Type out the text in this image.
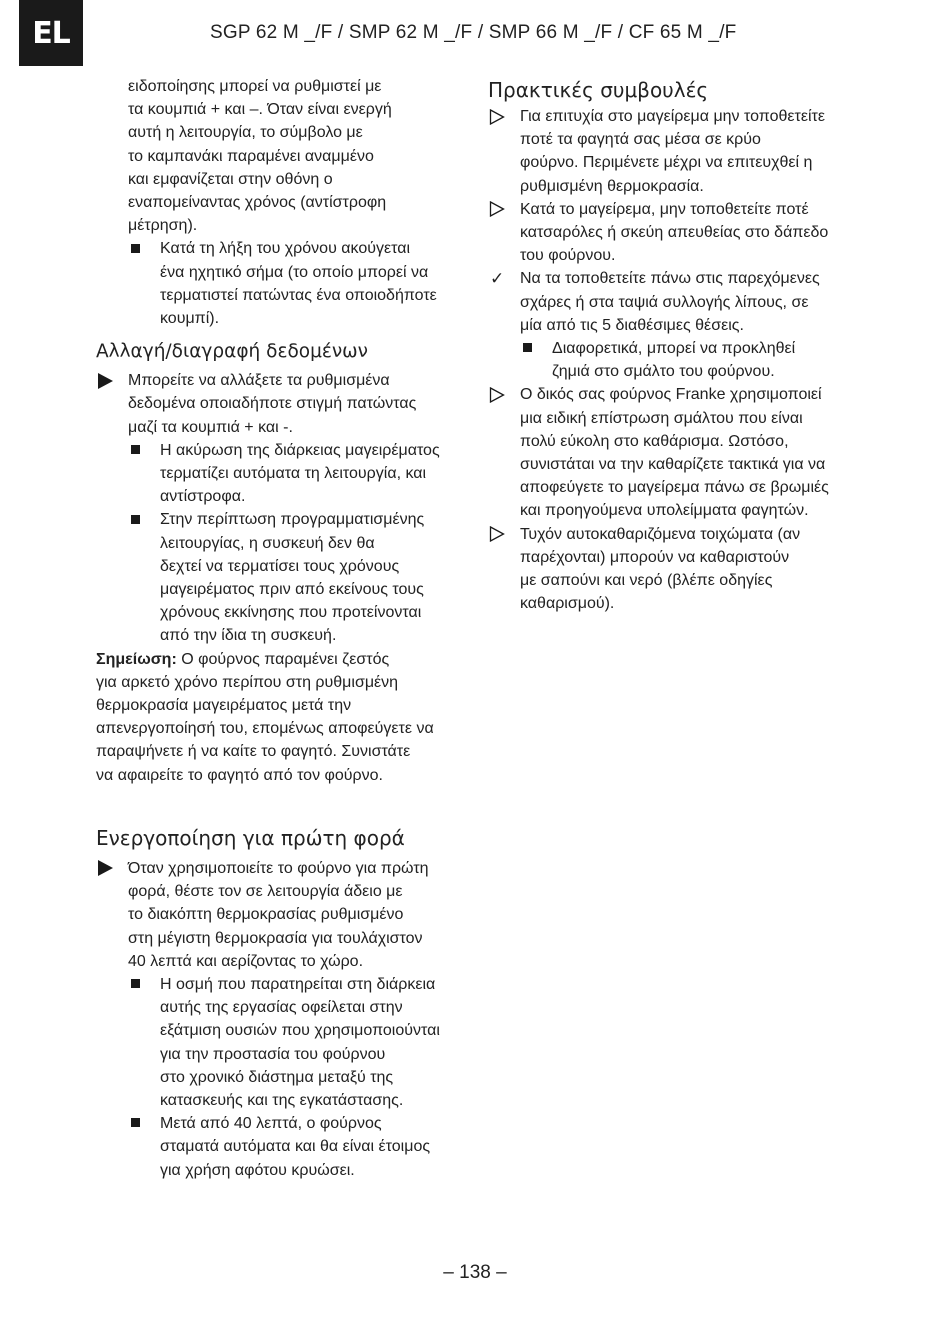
EL	SGP 62 M _/F / SMP 62 M _/F / SMP 66 M _/F / CF 65 M _/F
ειδοποίησης μπορεί να ρυθμιστεί με
τα κουμπιά + και –. Όταν είναι ενεργή
αυτή η λειτουργία, το σύμβολο με
το καμπανάκι παραμένει αναμμένο
και εμφανίζεται στην οθόνη ο
εναπομείναντας χρόνος (αντίστροφη
μέτρηση).
Κατά τη λήξη του χρόνου ακούγεται
ένα ηχητικό σήμα (το οποίο μπορεί να
τερματιστεί πατώντας ένα οποιοδήποτε
κουμπί).
Αλλαγή/διαγραφή δεδομένων
Μπορείτε να αλλάξετε τα ρυθμισμένα
δεδομένα οποιαδήποτε στιγμή πατώντας
μαζί τα κουμπιά + και -.
Η ακύρωση της διάρκειας μαγειρέματος
τερματίζει αυτόματα τη λειτουργία, και
αντίστροφα.
Στην περίπτωση προγραμματισμένης
λειτουργίας, η συσκευή δεν θα
δεχτεί να τερματίσει τους χρόνους
μαγειρέματος πριν από εκείνους τους
χρόνους εκκίνησης που προτείνονται
από την ίδια τη συσκευή.
Σημείωση: Ο φούρνος παραμένει ζεστός
για αρκετό χρόνο περίπου στη ρυθμισμένη
θερμοκρασία μαγειρέματος μετά την
απενεργοποίησή του, επομένως αποφεύγετε να
παραψήνετε ή να καίτε το φαγητό. Συνιστάτε
να αφαιρείτε το φαγητό από τον φούρνο.
Ενεργοποίηση για πρώτη φορά
Όταν χρησιμοποιείτε το φούρνο για πρώτη
φορά, θέστε τον σε λειτουργία άδειο με
το διακόπτη θερμοκρασίας ρυθμισμένο
στη μέγιστη θερμοκρασία για τουλάχιστον
40 λεπτά και αερίζοντας το χώρο.
Η οσμή που παρατηρείται στη διάρκεια
αυτής της εργασίας οφείλεται στην
εξάτμιση ουσιών που χρησιμοποιούνται
για την προστασία του φούρνου
στο χρονικό διάστημα μεταξύ της
κατασκευής και της εγκατάστασης.
Μετά από 40 λεπτά, ο φούρνος
σταματά αυτόματα και θα είναι έτοιμος
για χρήση αφότου κρυώσει.
Πρακτικές συμβουλές
Για επιτυχία στο μαγείρεμα μην τοποθετείτε
ποτέ τα φαγητά σας μέσα σε κρύο
φούρνο. Περιμένετε μέχρι να επιτευχθεί η
ρυθμισμένη θερμοκρασία.
Κατά το μαγείρεμα, μην τοποθετείτε ποτέ
κατσαρόλες ή σκεύη απευθείας στο δάπεδο
του φούρνου.
✓ Να τα τοποθετείτε πάνω στις παρεχόμενες
σχάρες ή στα ταψιά συλλογής λίπους, σε
μία από τις 5 διαθέσιμες θέσεις.
Διαφορετικά, μπορεί να προκληθεί
ζημιά στο σμάλτο του φούρνου.
Ο δικός σας φούρνος Franke χρησιμοποιεί
μια ειδική επίστρωση σμάλτου που είναι
πολύ εύκολη στο καθάρισμα. Ωστόσο,
συνιστάται να την καθαρίζετε τακτικά για να
αποφεύγετε το μαγείρεμα πάνω σε βρωμιές
και προηγούμενα υπολείμματα φαγητών.
Τυχόν αυτοκαθαριζόμενα τοιχώματα (αν
παρέχονται) μπορούν να καθαριστούν
με σαπούνι και νερό (βλέπε οδηγίες
καθαρισμού).
– 138 –
